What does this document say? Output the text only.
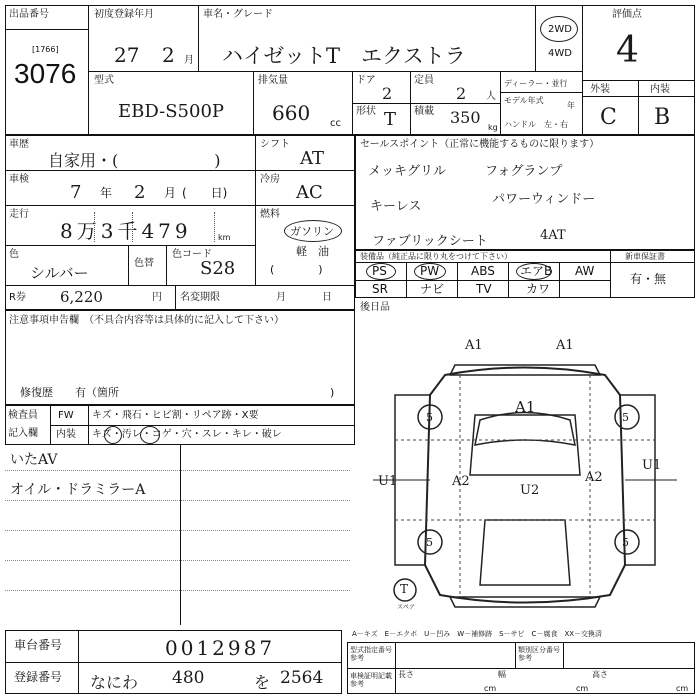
出品番号
[1766]
3076
初度登録年月
27 2 月
車名・グレード
ハイゼットT　エクストラ
2WD
4WD
評価点
4
型式
EBD-S500P
排気量
660 cc
ドア
2
定員
2 人
形状 T 積載 350
kg
ディーラー・並行
モデル年式
年
ハンドル　左・右
外装	内装
C B
車歴
自家用・(　　　　　　)
車検
7 年 2 月 (　　日)
走行
8万3千479	km
色
シルバー
色替
色コード
S28
シフト
AT
冷房
AC
燃料
ガソリン
軽　油
(　　　　)
R券 6,220	円 名変期限	月	日
セールスポイント（正常に機能するものに限ります）
メッキグリル	フォグランプ
キーレス	パワーウィンドー
ファブリックシート	4AT
装備品（純正品に限り丸をつけて下さい）	新車保証書
有・無
PS	PW	ABS エアB AW
SR	ナビ	TV	カワ
後日品
注意事項申告欄　（不具合内容等は具体的に記入して下さい）
修復歴　　有（箇所	)
検査員
記入欄
FW キズ・飛石・ヒビ割・リペア跡・X要
内装 キズ・汚レ・コゲ・穴・スレ・キレ・破レ
いたAV
オイル・ドラミラーA
A1	A1
A1
U1	A2
U2
A2
U1
5	5
5	5
T
スペア
A－キズ　E－エクボ　U－凹み　W－補修跡　S－サビ　C－腐食　XX－交換済
型式指定番号参考
類別区分番号参考
車検証明記載参考
長さ
cm
幅
cm
高さ
cm
車台番号	0012987
登録番号 なにわ 480	を 2564
